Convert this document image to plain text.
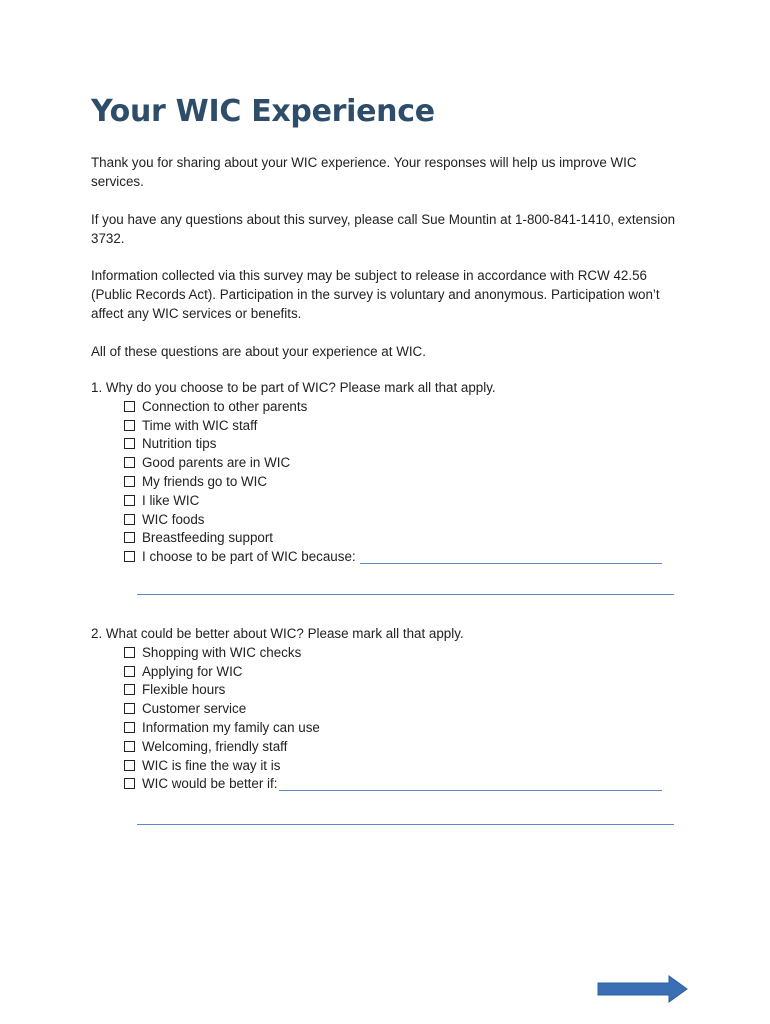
Your WIC Experience

Thank you for sharing about your WIC experience. Your responses will help us improve WIC services.

If you have any questions about this survey, please call Sue Mountin at 1-800-841-1410, extension 3732.

Information collected via this survey may be subject to release in accordance with RCW 42.56 (Public Records Act). Participation in the survey is voluntary and anonymous. Participation won’t affect any WIC services or benefits.

All of these questions are about your experience at WIC.

1. Why do you choose to be part of WIC? Please mark all that apply.

Connection to other parents
Time with WIC staff
Nutrition tips
Good parents are in WIC
My friends go to WIC
I like WIC
WIC foods
Breastfeeding support
I choose to be part of WIC because:

2. What could be better about WIC? Please mark all that apply.

Shopping with WIC checks
Applying for WIC
Flexible hours
Customer service
Information my family can use
Welcoming, friendly staff
WIC is fine the way it is
WIC would be better if:
